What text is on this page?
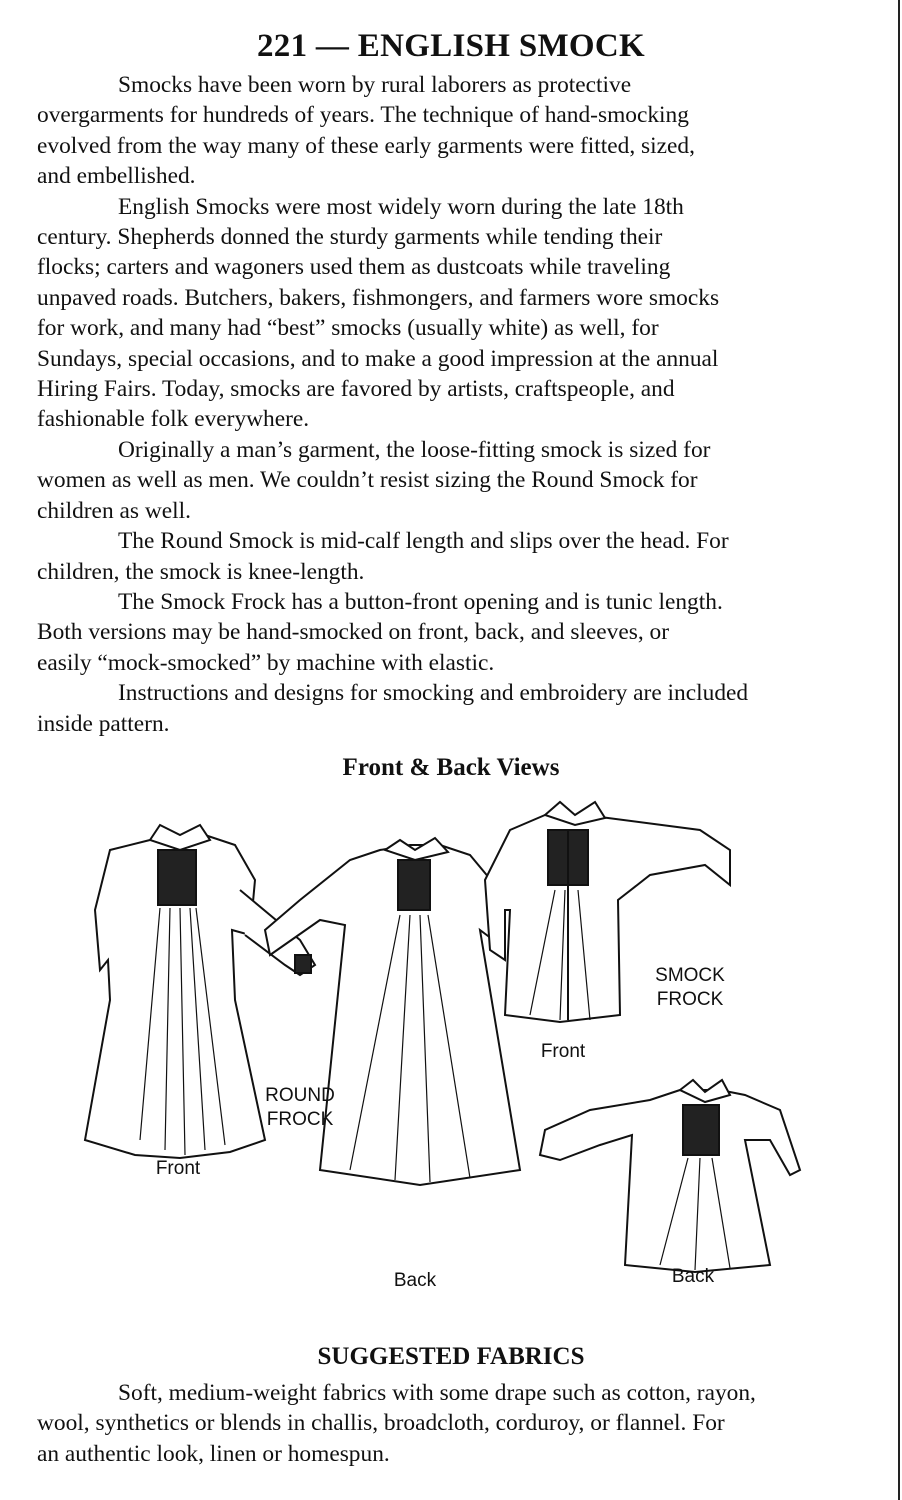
221 — ENGLISH SMOCK
Smocks have been worn by rural laborers as protective
overgarments for hundreds of years. The technique of hand-smocking
evolved from the way many of these early garments were fitted, sized,
and embellished.
English Smocks were most widely worn during the late 18th
century. Shepherds donned the sturdy garments while tending their
flocks; carters and wagoners used them as dustcoats while traveling
unpaved roads. Butchers, bakers, fishmongers, and farmers wore smocks
for work, and many had “best” smocks (usually white) as well, for
Sundays, special occasions, and to make a good impression at the annual
Hiring Fairs. Today, smocks are favored by artists, craftspeople, and
fashionable folk everywhere.
Originally a man’s garment, the loose-fitting smock is sized for
women as well as men. We couldn’t resist sizing the Round Smock for
children as well.
The Round Smock is mid-calf length and slips over the head. For
children, the smock is knee-length.
The Smock Frock has a button-front opening and is tunic length.
Both versions may be hand-smocked on front, back, and sleeves, or
easily “mock-smocked” by machine with elastic.
Instructions and designs for smocking and embroidery are included
inside pattern.
Front & Back Views
SMOCK
FROCK
Front
ROUND
FROCK
Front
Back	Back
SUGGESTED FABRICS
Soft, medium-weight fabrics with some drape such as cotton, rayon,
wool, synthetics or blends in challis, broadcloth, corduroy, or flannel. For
an authentic look, linen or homespun.
